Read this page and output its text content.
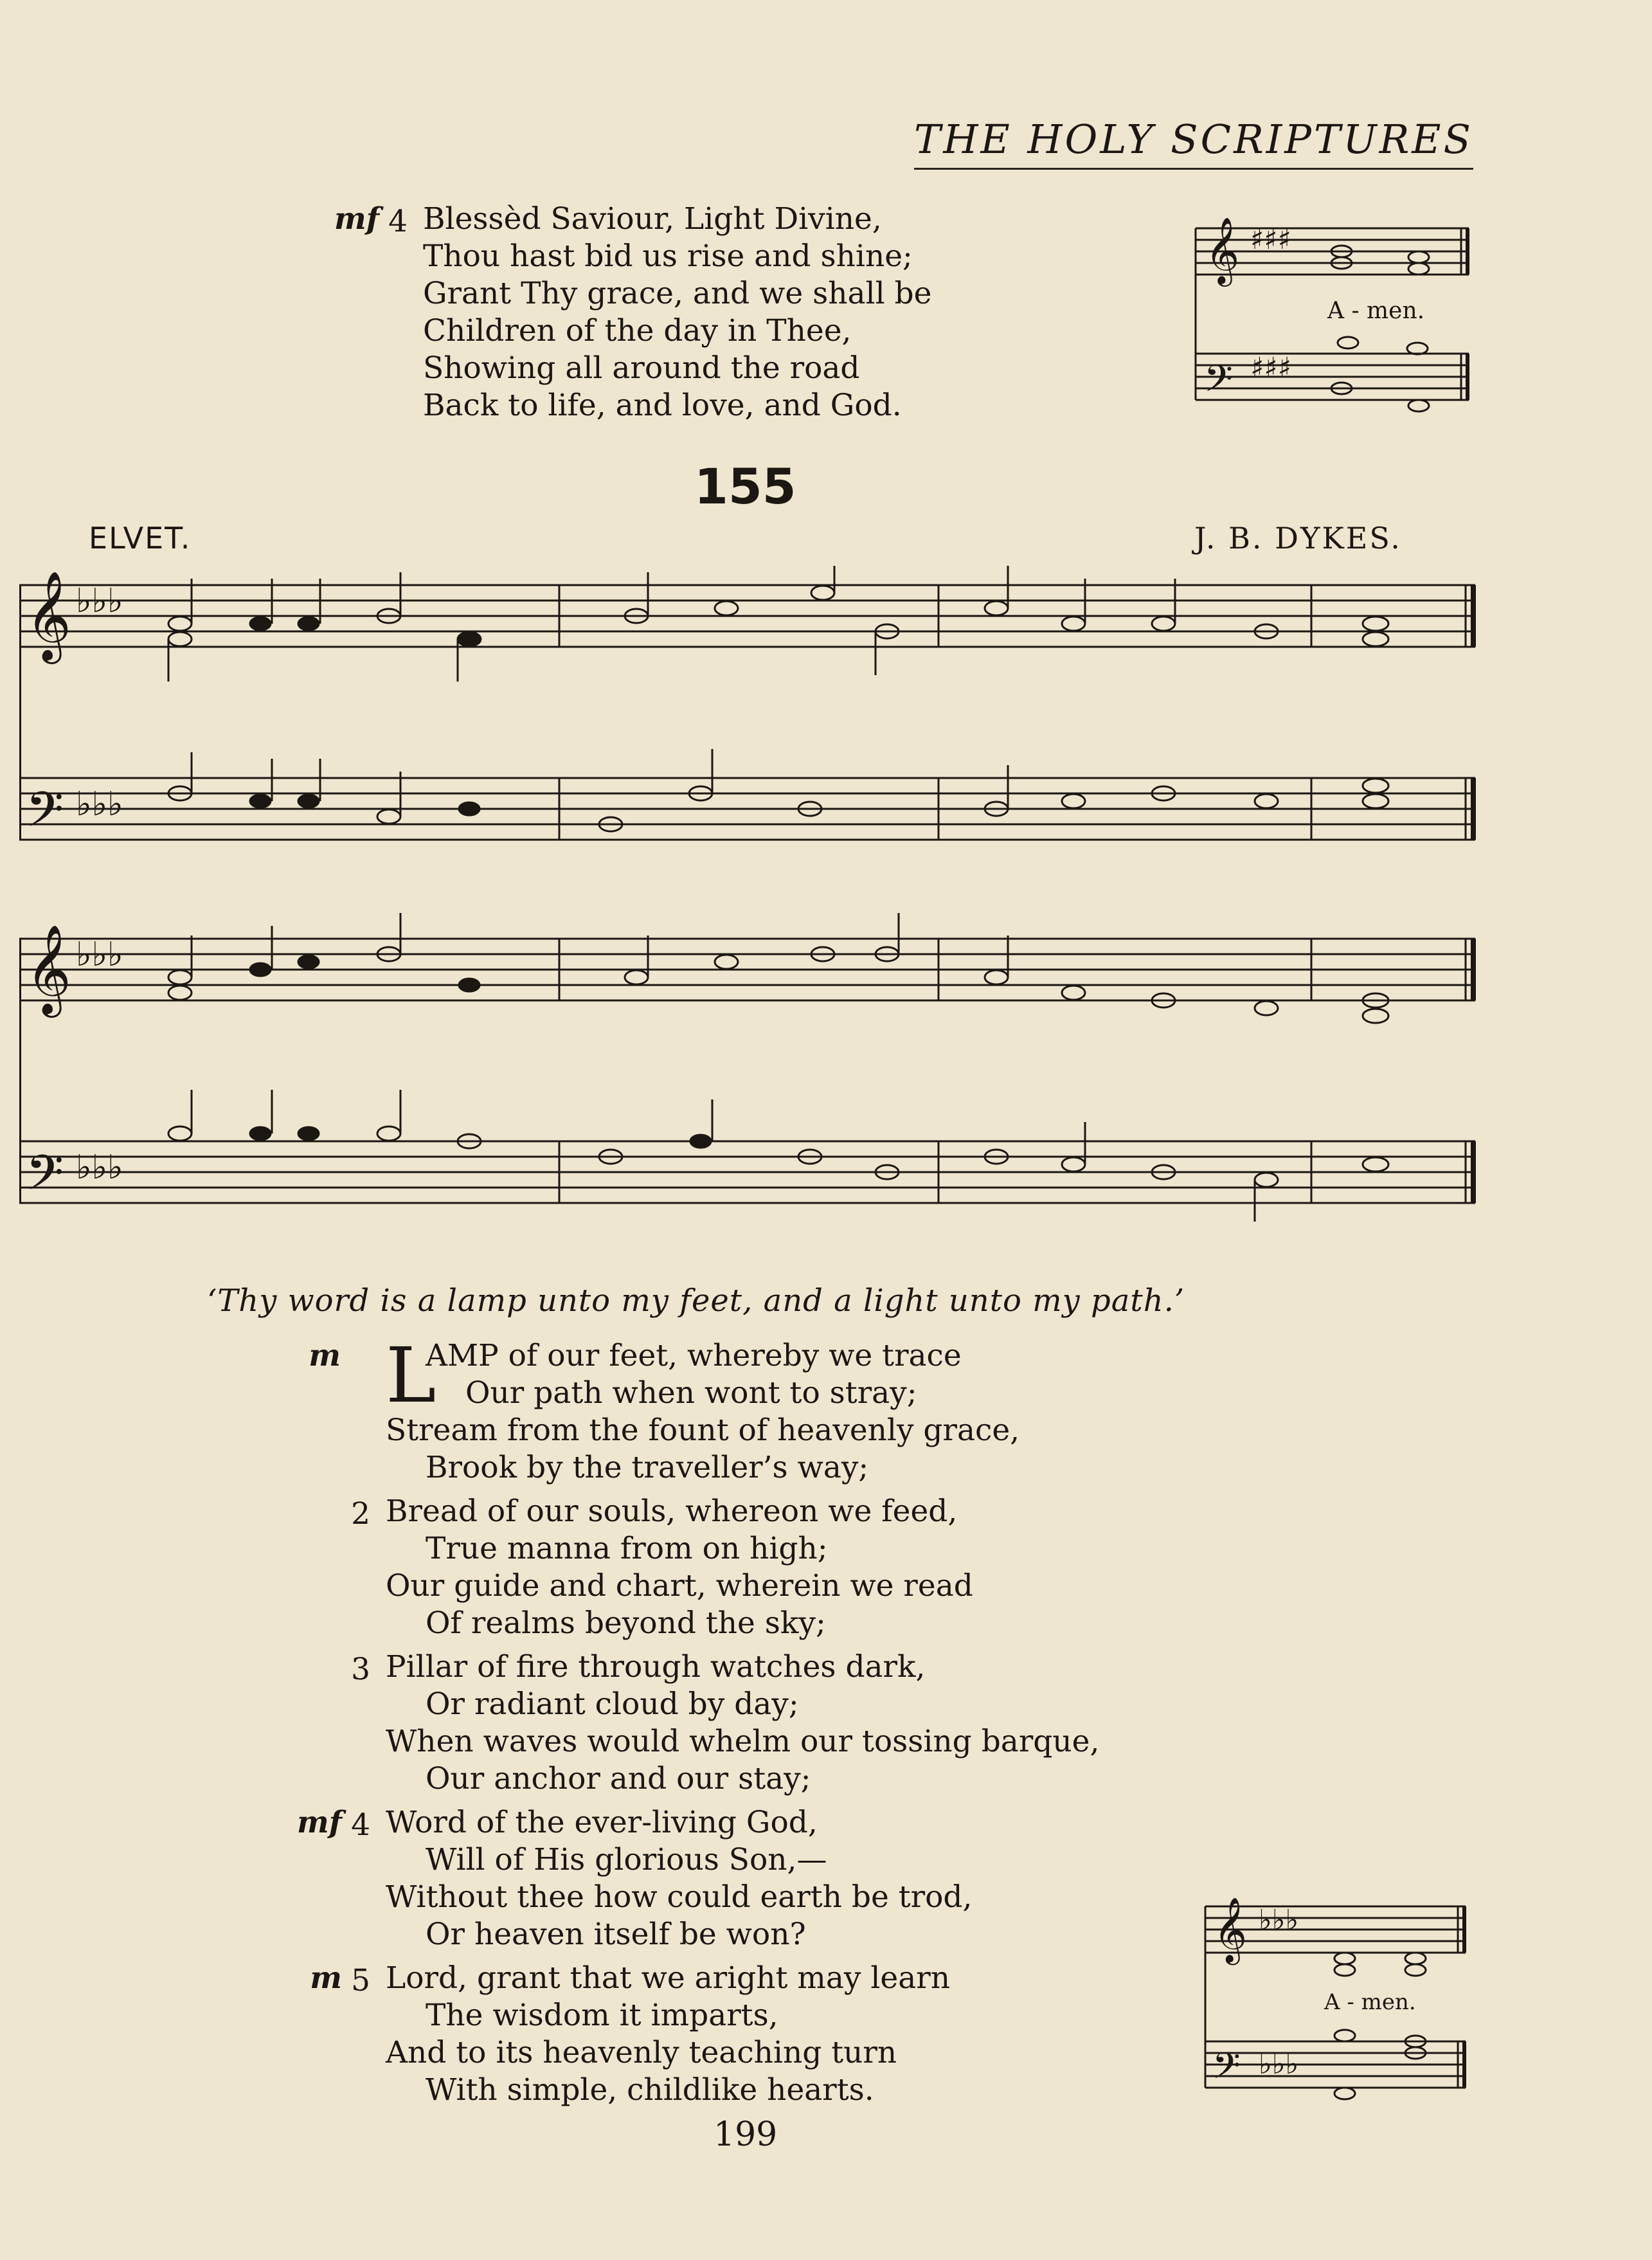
THE HOLY SCRIPTURES
mf 4 Blessèd Saviour, Light Divine,
Thou hast bid us rise and shine;
Grant Thy grace, and we shall be
Children of the day in Thee,
Showing all around the road
Back to life, and love, and God.
𝄞
𝄢
♯♯♯
♯♯♯
A - men.
155
ELVET.	J. B. DYKES.
𝄞
𝄢
𝄞
𝄢
♭♭♭
♭♭♭
♭♭♭
♭♭♭
‘Thy word is a lamp unto my feet, and a light unto my path.’
m L
AMP of our feet, whereby we trace
Our path when wont to stray;
Stream from the fount of heavenly grace,
Brook by the traveller’s way;
2 Bread of our souls, whereon we feed,
True manna from on high;
Our guide and chart, wherein we read
Of realms beyond the sky;
3 Pillar of fire through watches dark,
Or radiant cloud by day;
When waves would whelm our tossing barque,
Our anchor and our stay;
mf 4 Word of the ever-living God,
Will of His glorious Son,—
Without thee how could earth be trod,
Or heaven itself be won?
m 5 Lord, grant that we aright may learn
The wisdom it imparts,
And to its heavenly teaching turn
With simple, childlike hearts.
𝄞
𝄢
♭♭♭
♭♭♭
A - men.
199
